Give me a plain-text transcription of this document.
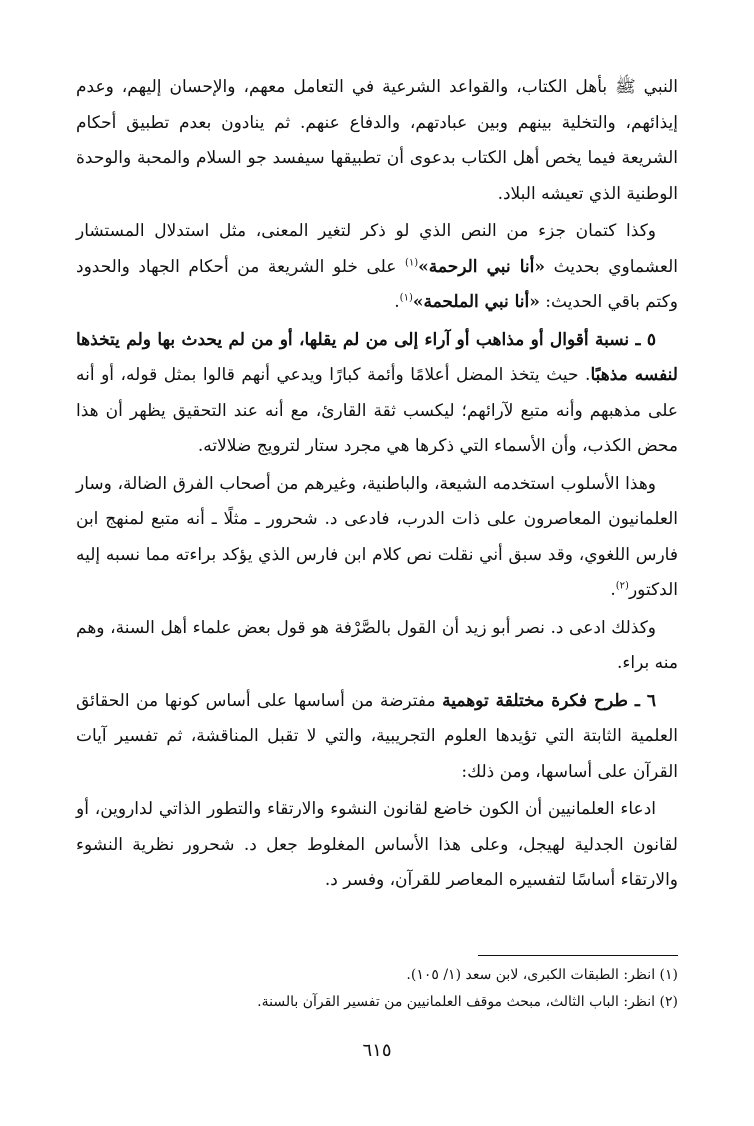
النبي ﷺ بأهل الكتاب، والقواعد الشرعية في التعامل معهم، والإحسان إليهم، وعدم إيذائهم، والتخلية بينهم وبين عبادتهم، والدفاع عنهم. ثم ينادون بعدم تطبيق أحكام الشريعة فيما يخص أهل الكتاب بدعوى أن تطبيقها سيفسد جو السلام والمحبة والوحدة الوطنية الذي تعيشه البلاد.

وكذا كتمان جزء من النص الذي لو ذكر لتغير المعنى، مثل استدلال المستشار العشماوي بحديث «أنا نبي الرحمة»$^{(١)}$ على خلو الشريعة من أحكام الجهاد والحدود وكتم باقي الحديث: «أنا نبي الملحمة»$^{(١)}$.

٥ ـ نسبة أقوال أو مذاهب أو آراء إلى من لم يقلها، أو من لم يحدث بها ولم يتخذها لنفسه مذهبًا. حيث يتخذ المضل أعلامًا وأئمة كبارًا ويدعي أنهم قالوا بمثل قوله، أو أنه على مذهبهم وأنه متبع لآرائهم؛ ليكسب ثقة القارئ، مع أنه عند التحقيق يظهر أن هذا محض الكذب، وأن الأسماء التي ذكرها هي مجرد ستار لترويج ضلالاته.

وهذا الأسلوب استخدمه الشيعة، والباطنية، وغيرهم من أصحاب الفرق الضالة، وسار العلمانيون المعاصرون على ذات الدرب، فادعى د. شحرور ـ مثلًا ـ أنه متبع لمنهج ابن فارس اللغوي، وقد سبق أني نقلت نص كلام ابن فارس الذي يؤكد براءته مما نسبه إليه الدكتور$^{(٢)}$.

وكذلك ادعى د. نصر أبو زيد أن القول بالصَّرْفة هو قول بعض علماء أهل السنة، وهم منه براء.

٦ ـ طرح فكرة مختلقة توهمية مفترضة من أساسها على أساس كونها من الحقائق العلمية الثابتة التي تؤيدها العلوم التجريبية، والتي لا تقبل المناقشة، ثم تفسير آيات القرآن على أساسها، ومن ذلك:

ادعاء العلمانيين أن الكون خاضع لقانون النشوء والارتقاء والتطور الذاتي لداروين، أو لقانون الجدلية لهيجل، وعلى هذا الأساس المغلوط جعل د. شحرور نظرية النشوء والارتقاء أساسًا لتفسيره المعاصر للقرآن، وفسر د.

(١) انظر: الطبقات الكبرى، لابن سعد (١/ ١٠٥).

(٢) انظر: الباب الثالث، مبحث موقف العلمانيين من تفسير القرآن بالسنة.

٦١٥
